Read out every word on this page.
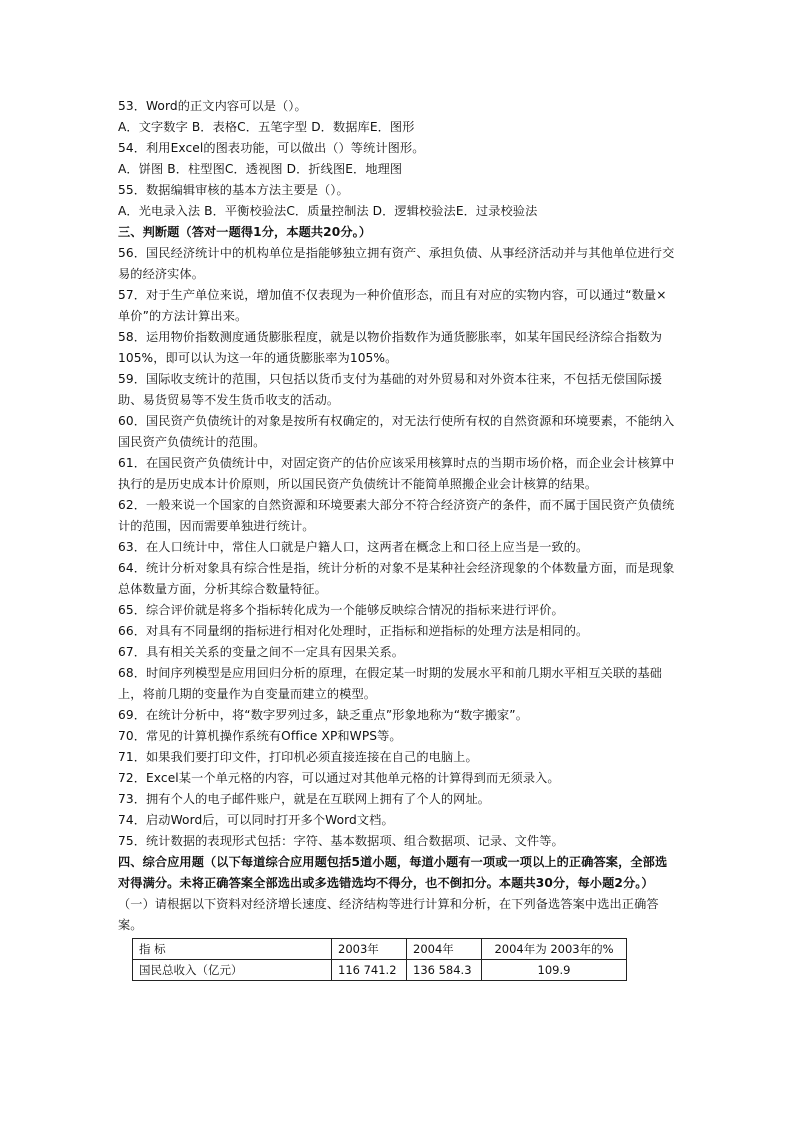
53．Word的正文内容可以是（）。
A．文字数字 B．表格C．五笔字型 D．数据库E．图形
54．利用Excel的图表功能，可以做出（）等统计图形。
A．饼图 B．柱型图C．透视图 D．折线图E．地理图
55．数据编辑审核的基本方法主要是（）。
A．光电录入法 B．平衡校验法C．质量控制法 D．逻辑校验法E．过录校验法
三、判断题（答对一题得1分，本题共20分。）
56．国民经济统计中的机构单位是指能够独立拥有资产、承担负债、从事经济活动并与其他单位进行交易的经济实体。
57．对于生产单位来说，增加值不仅表现为一种价值形态，而且有对应的实物内容，可以通过“数量×单价”的方法计算出来。
58．运用物价指数测度通货膨胀程度，就是以物价指数作为通货膨胀率，如某年国民经济综合指数为105%，即可以认为这一年的通货膨胀率为105%。
59．国际收支统计的范围，只包括以货币支付为基础的对外贸易和对外资本往来，不包括无偿国际援助、易货贸易等不发生货币收支的活动。
60．国民资产负债统计的对象是按所有权确定的，对无法行使所有权的自然资源和环境要素，不能纳入国民资产负债统计的范围。
61．在国民资产负债统计中，对固定资产的估价应该采用核算时点的当期市场价格，而企业会计核算中执行的是历史成本计价原则，所以国民资产负债统计不能简单照搬企业会计核算的结果。
62．一般来说一个国家的自然资源和环境要素大部分不符合经济资产的条件，而不属于国民资产负债统计的范围，因而需要单独进行统计。
63．在人口统计中，常住人口就是户籍人口，这两者在概念上和口径上应当是一致的。
64．统计分析对象具有综合性是指，统计分析的对象不是某种社会经济现象的个体数量方面，而是现象总体数量方面，分析其综合数量特征。
65．综合评价就是将多个指标转化成为一个能够反映综合情况的指标来进行评价。
66．对具有不同量纲的指标进行相对化处理时，正指标和逆指标的处理方法是相同的。
67．具有相关关系的变量之间不一定具有因果关系。
68．时间序列模型是应用回归分析的原理，在假定某一时期的发展水平和前几期水平相互关联的基础上，将前几期的变量作为自变量而建立的模型。
69．在统计分析中，将“数字罗列过多，缺乏重点”形象地称为“数字搬家”。
70．常见的计算机操作系统有Office XP和WPS等。
71．如果我们要打印文件，打印机必须直接连接在自己的电脑上。
72．Excel某一个单元格的内容，可以通过对其他单元格的计算得到而无须录入。
73．拥有个人的电子邮件账户，就是在互联网上拥有了个人的网址。
74．启动Word后，可以同时打开多个Word文档。
75．统计数据的表现形式包括：字符、基本数据项、组合数据项、记录、文件等。
四、综合应用题（以下每道综合应用题包括5道小题，每道小题有一项或一项以上的正确答案，全部选对得满分。未将正确答案全部选出或多选错选均不得分，也不倒扣分。本题共30分，每小题2分。）
（一）请根据以下资料对经济增长速度、经济结构等进行计算和分析，在下列备选答案中选出正确答案。
指 标	2003年	2004年	2004年为 2003年的%
国民总收入（亿元）	116 741.2	136 584.3	109.9
